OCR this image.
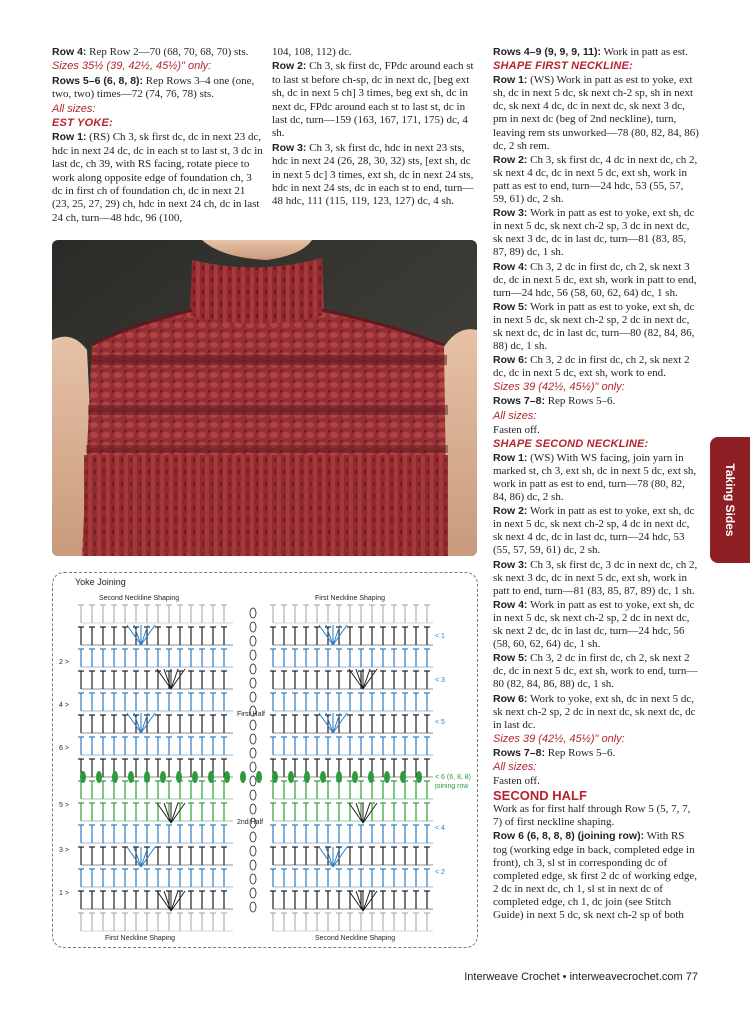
Row 4: Rep Row 2—70 (68, 70, 68, 70) sts.

Sizes 35½ (39, 42½, 45½)" only:

Rows 5–6 (6, 8, 8): Rep Rows 3–4 one (one, two, two) times—72 (74, 76, 78) sts.

All sizes:

EST YOKE:

Row 1: (RS) Ch 3, sk first dc, dc in next 23 dc, hdc in next 24 dc, dc in each st to last st, 3 dc in last dc, ch 39, with RS facing, rotate piece to work along opposite edge of foundation ch, 3 dc in first ch of foundation ch, dc in next 21 (23, 25, 27, 29) ch, hdc in next 24 ch, dc in last 24 ch, turn—48 hdc, 96 (100,

104, 108, 112) dc.

Row 2: Ch 3, sk first dc, FPdc around each st to last st before ch-sp, dc in next dc, [beg ext sh, dc in next 5 ch] 3 times, beg ext sh, dc in next dc, FPdc around each st to last st, dc in last dc, turn—159 (163, 167, 171, 175) dc, 4 sh.

Row 3: Ch 3, sk first dc, hdc in next 23 sts, hdc in next 24 (26, 28, 30, 32) sts, [ext sh, dc in next 5 dc] 3 times, ext sh, dc in next 24 sts, hdc in next 24 sts, dc in each st to end, turn—48 hdc, 111 (115, 119, 123, 127) dc, 4 sh.

Rows 4–9 (9, 9, 9, 11): Work in patt as est.

SHAPE FIRST NECKLINE:

Row 1: (WS) Work in patt as est to yoke, ext sh, dc in next 5 dc, sk next ch-2 sp, sh in next dc, sk next 4 dc, dc in next dc, sk next 3 dc, pm in next dc (beg of 2nd neckline), turn, leaving rem sts unworked—78 (80, 82, 84, 86) dc, 2 sh rem.

Row 2: Ch 3, sk first dc, 4 dc in next dc, ch 2, sk next 4 dc, dc in next 5 dc, ext sh, work in patt as est to end, turn—24 hdc, 53 (55, 57, 59, 61) dc, 2 sh.

Row 3: Work in patt as est to yoke, ext sh, dc in next 5 dc, sk next ch-2 sp, 3 dc in next dc, sk next 3 dc, dc in last dc, turn—81 (83, 85, 87, 89) dc, 1 sh.

Row 4: Ch 3, 2 dc in first dc, ch 2, sk next 3 dc, dc in next 5 dc, ext sh, work in patt to end, turn—24 hdc, 56 (58, 60, 62, 64) dc, 1 sh.

Row 5: Work in patt as est to yoke, ext sh, dc in next 5 dc, sk next ch-2 sp, 2 dc in next dc, sk next dc, dc in last dc, turn—80 (82, 84, 86, 88) dc, 1 sh.

Row 6: Ch 3, 2 dc in first dc, ch 2, sk next 2 dc, dc in next 5 dc, ext sh, work to end.

Sizes 39 (42½, 45½)" only:

Rows 7–8: Rep Rows 5–6.

All sizes:

Fasten off.

SHAPE SECOND NECKLINE:

Row 1: (WS) With WS facing, join yarn in marked st, ch 3, ext sh, dc in next 5 dc, ext sh, work in patt as est to end, turn—78 (80, 82, 84, 86) dc, 2 sh.

Row 2: Work in patt as est to yoke, ext sh, dc in next 5 dc, sk next ch-2 sp, 4 dc in next dc, sk next 4 dc, dc in last dc, turn—24 hdc, 53 (55, 57, 59, 61) dc, 2 sh.

Row 3: Ch 3, sk first dc, 3 dc in next dc, ch 2, sk next 3 dc, dc in next 5 dc, ext sh, work in patt to end, turn—81 (83, 85, 87, 89) dc, 1 sh.

Row 4: Work in patt as est to yoke, ext sh, dc in next 5 dc, sk next ch-2 sp, 2 dc in next dc, sk next 2 dc, dc in last dc, turn—24 hdc, 56 (58, 60, 62, 64) dc, 1 sh.

Row 5: Ch 3, 2 dc in first dc, ch 2, sk next 2 dc, dc in next 5 dc, ext sh, work to end, turn—80 (82, 84, 86, 88) dc, 1 sh.

Row 6: Work to yoke, ext sh, dc in next 5 dc, sk next ch-2 sp, 2 dc in next dc, sk next dc, dc in last dc.

Sizes 39 (42½, 45½)" only:

Rows 7–8: Rep Rows 5–6.

All sizes:

Fasten off.

SECOND HALF

Work as for first half through Row 5 (5, 7, 7, 7) of first neckline shaping.

Row 6 (6, 8, 8, 8) (joining row): With RS tog (working edge in back, completed edge in front), ch 3, sl st in corresponding dc of completed edge, sk first 2 dc of working edge, 2 dc in next dc, ch 1, sl st in next dc of completed edge, ch 1, dc join (see Stitch Guide) in next 5 dc, sk next ch-2 sp of both

Yoke Joining
Second Neckline Shaping	First Neckline Shaping
First Neckline Shaping	Second Neckline Shaping
First Half
2nd Half
2 >
4 >
6 >
5 >
3 >
1 >
< 1
< 3
< 5
< 6 (6, 8, 8) joining row
< 4
< 2
Taking Sides
Interweave Crochet • interweavecrochet.com 77
